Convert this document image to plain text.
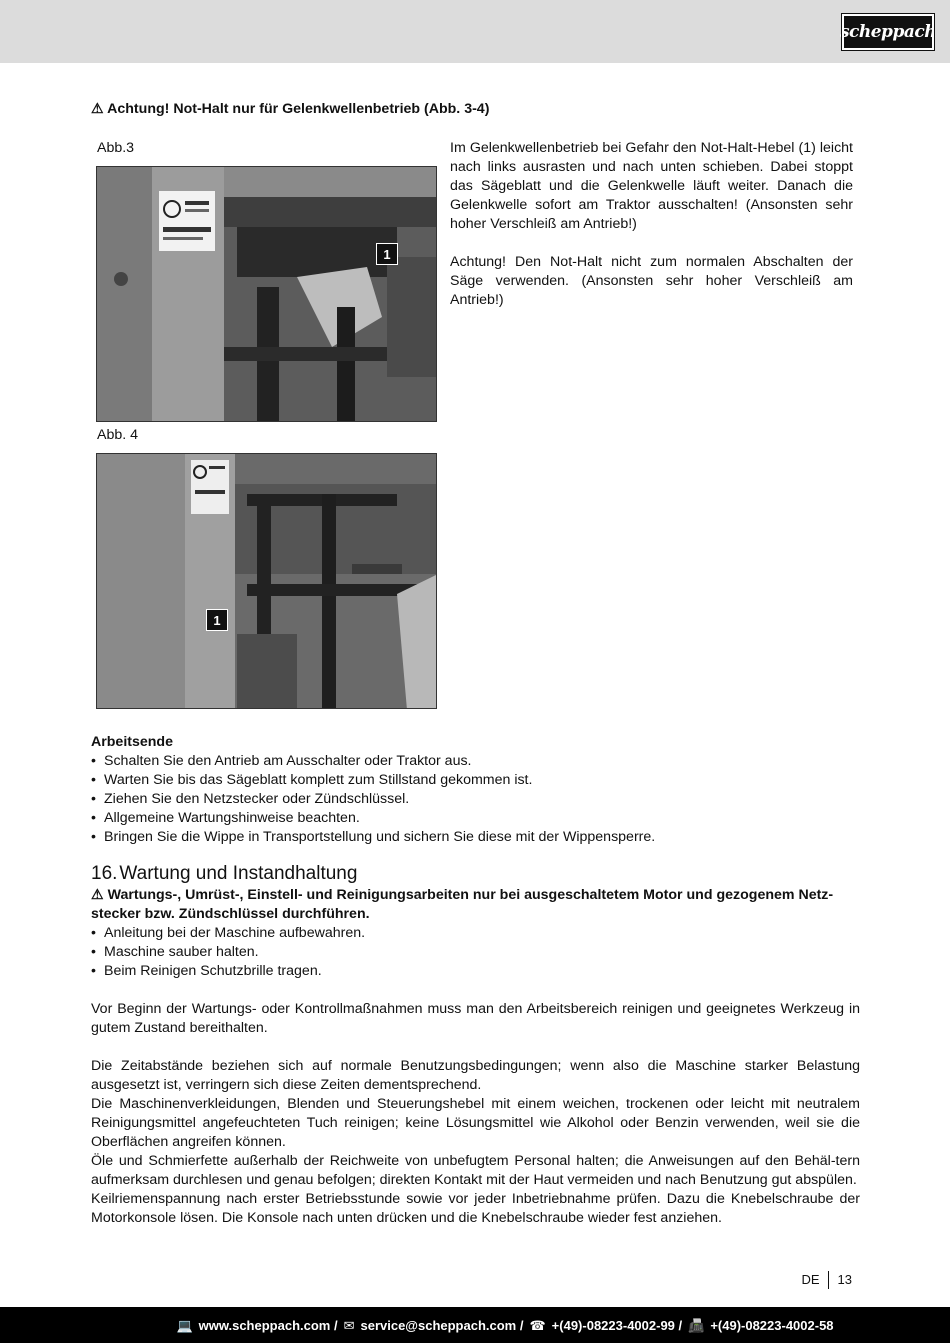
scheppach
⚠ Achtung! Not-Halt nur für Gelenkwellenbetrieb (Abb. 3-4)
Abb.3
1
Abb. 4
1

Im Gelenkwellenbetrieb bei Gefahr den Not-Halt-Hebel (1) leicht nach links ausrasten und nach unten schieben. Dabei stoppt das Sägeblatt und die Gelenkwelle läuft weiter. Danach die Gelenkwelle sofort am Traktor ausschalten! (Ansonsten sehr hoher Verschleiß am Antrieb!)

Achtung! Den Not-Halt nicht zum normalen Abschalten der Säge verwenden. (Ansonsten sehr hoher Verschleiß am Antrieb!)

Arbeitsende
• Schalten Sie den Antrieb am Ausschalter oder Traktor aus.
• Warten Sie bis das Sägeblatt komplett zum Stillstand gekommen ist.
• Ziehen Sie den Netzstecker oder Zündschlüssel.
• Allgemeine Wartungshinweise beachten.
• Bringen Sie die Wippe in Transportstellung und sichern Sie diese mit der Wippensperre.
16. Wartung und Instandhaltung
⚠ Wartungs-, Umrüst-, Einstell- und Reinigungsarbeiten nur bei ausgeschaltetem Motor und gezogenem Netz-stecker bzw. Zündschlüssel durchführen.
• Anleitung bei der Maschine aufbewahren.
• Maschine sauber halten.
• Beim Reinigen Schutzbrille tragen.

Vor Beginn der Wartungs- oder Kontrollmaßnahmen muss man den Arbeitsbereich reinigen und geeignetes Werkzeug in gutem Zustand bereithalten.

Die Zeitabstände beziehen sich auf normale Benutzungsbedingungen; wenn also die Maschine starker Belastung ausgesetzt ist, verringern sich diese Zeiten dementsprechend.

Die Maschinenverkleidungen, Blenden und Steuerungshebel mit einem weichen, trockenen oder leicht mit neutralem Reinigungsmittel angefeuchteten Tuch reinigen; keine Lösungsmittel wie Alkohol oder Benzin verwenden, weil sie die Oberflächen angreifen können.

Öle und Schmierfette außerhalb der Reichweite von unbefugtem Personal halten; die Anweisungen auf den Behäl-tern aufmerksam durchlesen und genau befolgen; direkten Kontakt mit der Haut vermeiden und nach Benutzung gut abspülen.

Keilriemenspannung nach erster Betriebsstunde sowie vor jeder Inbetriebnahme prüfen. Dazu die Knebelschraube der Motorkonsole lösen. Die Konsole nach unten drücken und die Knebelschraube wieder fest anziehen.

DE 13
💻 www.scheppach.com / ✉ service@scheppach.com / ☎ +(49)-08223-4002-99 / 📠 +(49)-08223-4002-58
